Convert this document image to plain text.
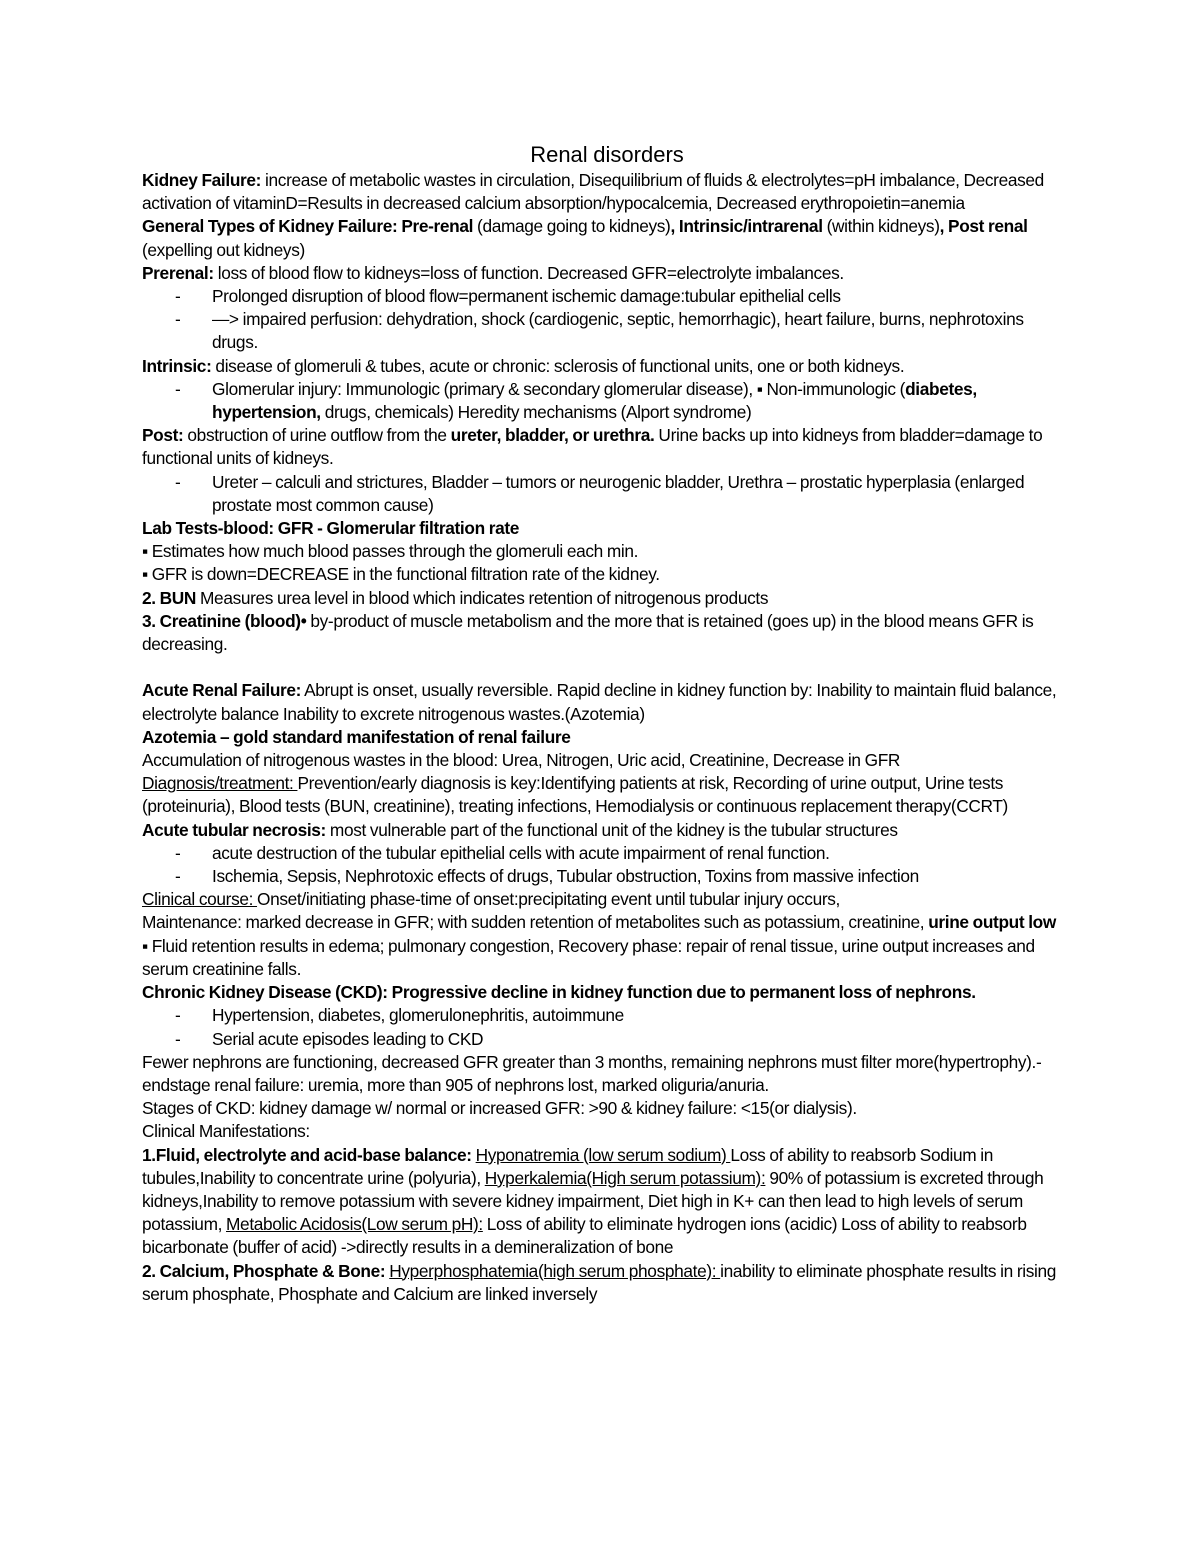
Renal disorders

Kidney Failure: increase of metabolic wastes in circulation, Disequilibrium of fluids & electrolytes=pH imbalance, Decreased activation of vitaminD=Results in decreased calcium absorption/hypocalcemia, Decreased erythropoietin=anemia

General Types of Kidney Failure: Pre-renal (damage going to kidneys), Intrinsic/intrarenal (within kidneys), Post renal (expelling out kidneys)

Prerenal: loss of blood flow to kidneys=loss of function. Decreased GFR=electrolyte imbalances.

- Prolonged disruption of blood flow=permanent ischemic damage:tubular epithelial cells
- —> impaired perfusion: dehydration, shock (cardiogenic, septic, hemorrhagic), heart failure, burns, nephrotoxins drugs.

Intrinsic: disease of glomeruli & tubes, acute or chronic: sclerosis of functional units, one or both kidneys.

- Glomerular injury: Immunologic (primary & secondary glomerular disease), ▪ Non-immunologic (diabetes, hypertension, drugs, chemicals) Heredity mechanisms (Alport syndrome)

Post: obstruction of urine outflow from the ureter, bladder, or urethra. Urine backs up into kidneys from bladder=damage to functional units of kidneys.

- Ureter – calculi and strictures, Bladder – tumors or neurogenic bladder, Urethra – prostatic hyperplasia (enlarged prostate most common cause)

Lab Tests-blood: GFR - Glomerular filtration rate

▪ Estimates how much blood passes through the glomeruli each min.

▪ GFR is down=DECREASE in the functional filtration rate of the kidney.

2. BUN Measures urea level in blood which indicates retention of nitrogenous products

3. Creatinine (blood)• by-product of muscle metabolism and the more that is retained (goes up) in the blood means GFR is decreasing.

Acute Renal Failure: Abrupt is onset, usually reversible. Rapid decline in kidney function by: Inability to maintain fluid balance, electrolyte balance Inability to excrete nitrogenous wastes.(Azotemia)

Azotemia – gold standard manifestation of renal failure

Accumulation of nitrogenous wastes in the blood: Urea, Nitrogen, Uric acid, Creatinine, Decrease in GFR

Diagnosis/treatment: Prevention/early diagnosis is key:Identifying patients at risk, Recording of urine output, Urine tests (proteinuria), Blood tests (BUN, creatinine), treating infections, Hemodialysis or continuous replacement therapy(CCRT)

Acute tubular necrosis: most vulnerable part of the functional unit of the kidney is the tubular structures

- acute destruction of the tubular epithelial cells with acute impairment of renal function.
- Ischemia, Sepsis, Nephrotoxic effects of drugs, Tubular obstruction, Toxins from massive infection

Clinical course: Onset/initiating phase-time of onset:precipitating event until tubular injury occurs,

Maintenance: marked decrease in GFR; with sudden retention of metabolites such as potassium, creatinine, urine output low

▪ Fluid retention results in edema; pulmonary congestion, Recovery phase: repair of renal tissue, urine output increases and serum creatinine falls.

Chronic Kidney Disease (CKD): Progressive decline in kidney function due to permanent loss of nephrons.

- Hypertension, diabetes, glomerulonephritis, autoimmune
- Serial acute episodes leading to CKD

Fewer nephrons are functioning, decreased GFR greater than 3 months, remaining nephrons must filter more(hypertrophy).-endstage renal failure: uremia, more than 905 of nephrons lost, marked oliguria/anuria.

Stages of CKD: kidney damage w/ normal or increased GFR: >90 & kidney failure: <15(or dialysis).

Clinical Manifestations:

1.Fluid, electrolyte and acid-base balance: Hyponatremia (low serum sodium) Loss of ability to reabsorb Sodium in tubules,Inability to concentrate urine (polyuria), Hyperkalemia(High serum potassium): 90% of potassium is excreted through kidneys,Inability to remove potassium with severe kidney impairment, Diet high in K+ can then lead to high levels of serum potassium, Metabolic Acidosis(Low serum pH): Loss of ability to eliminate hydrogen ions (acidic) Loss of ability to reabsorb bicarbonate (buffer of acid) ->directly results in a demineralization of bone

2. Calcium, Phosphate & Bone: Hyperphosphatemia(high serum phosphate): inability to eliminate phosphate results in rising serum phosphate, Phosphate and Calcium are linked inversely
